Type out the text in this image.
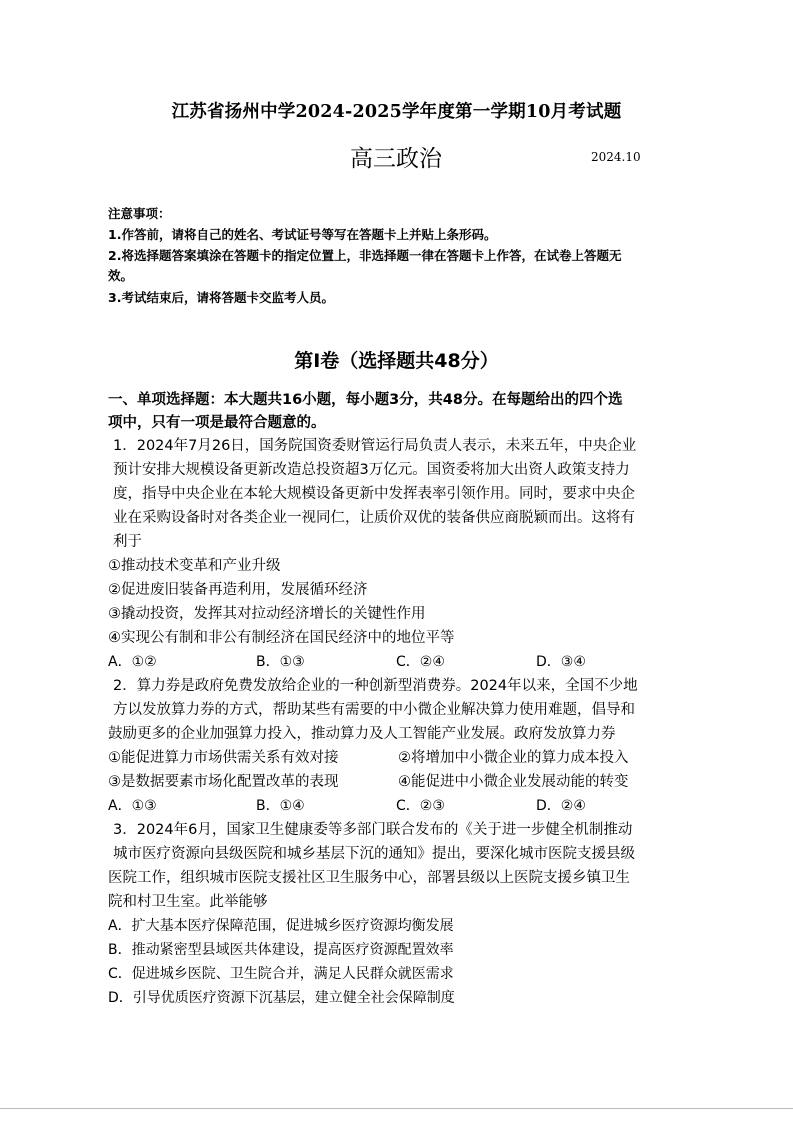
江苏省扬州中学2024-2025学年度第一学期10月考试题
高三政治	2024.10
注意事项：
1.作答前，请将自己的姓名、考试证号等写在答题卡上并贴上条形码。
2.将选择题答案填涂在答题卡的指定位置上，非选择题一律在答题卡上作答，在试卷上答题无
效。
3.考试结束后，请将答题卡交监考人员。
第Ⅰ卷（选择题共48分）
一、单项选择题：本大题共16小题，每小题3分，共48分。在每题给出的四个选
项中，只有一项是最符合题意的。
1．2024年7月26日，国务院国资委财管运行局负责人表示，未来五年，中央企业
预计安排大规模设备更新改造总投资超3万亿元。国资委将加大出资人政策支持力
度，指导中央企业在本轮大规模设备更新中发挥表率引领作用。同时，要求中央企
业在采购设备时对各类企业一视同仁，让质价双优的装备供应商脱颖而出。这将有
利于
①推动技术变革和产业升级
②促进废旧装备再造利用，发展循环经济
③撬动投资，发挥其对拉动经济增长的关键性作用
④实现公有制和非公有制经济在国民经济中的地位平等
A．①②	B．①③	C．②④	D．③④
2．算力券是政府免费发放给企业的一种创新型消费券。2024年以来，全国不少地
方以发放算力券的方式，帮助某些有需要的中小微企业解决算力使用难题，倡导和
鼓励更多的企业加强算力投入，推动算力及人工智能产业发展。政府发放算力券
①能促进算力市场供需关系有效对接	②将增加中小微企业的算力成本投入
③是数据要素市场化配置改革的表现	④能促进中小微企业发展动能的转变
A．①③	B．①④	C．②③	D．②④
3．2024年6月，国家卫生健康委等多部门联合发布的《关于进一步健全机制推动
城市医疗资源向县级医院和城乡基层下沉的通知》提出，要深化城市医院支援县级
医院工作，组织城市医院支援社区卫生服务中心，部署县级以上医院支援乡镇卫生
院和村卫生室。此举能够
A．扩大基本医疗保障范围，促进城乡医疗资源均衡发展
B．推动紧密型县域医共体建设，提高医疗资源配置效率
C．促进城乡医院、卫生院合并，满足人民群众就医需求
D．引导优质医疗资源下沉基层，建立健全社会保障制度
